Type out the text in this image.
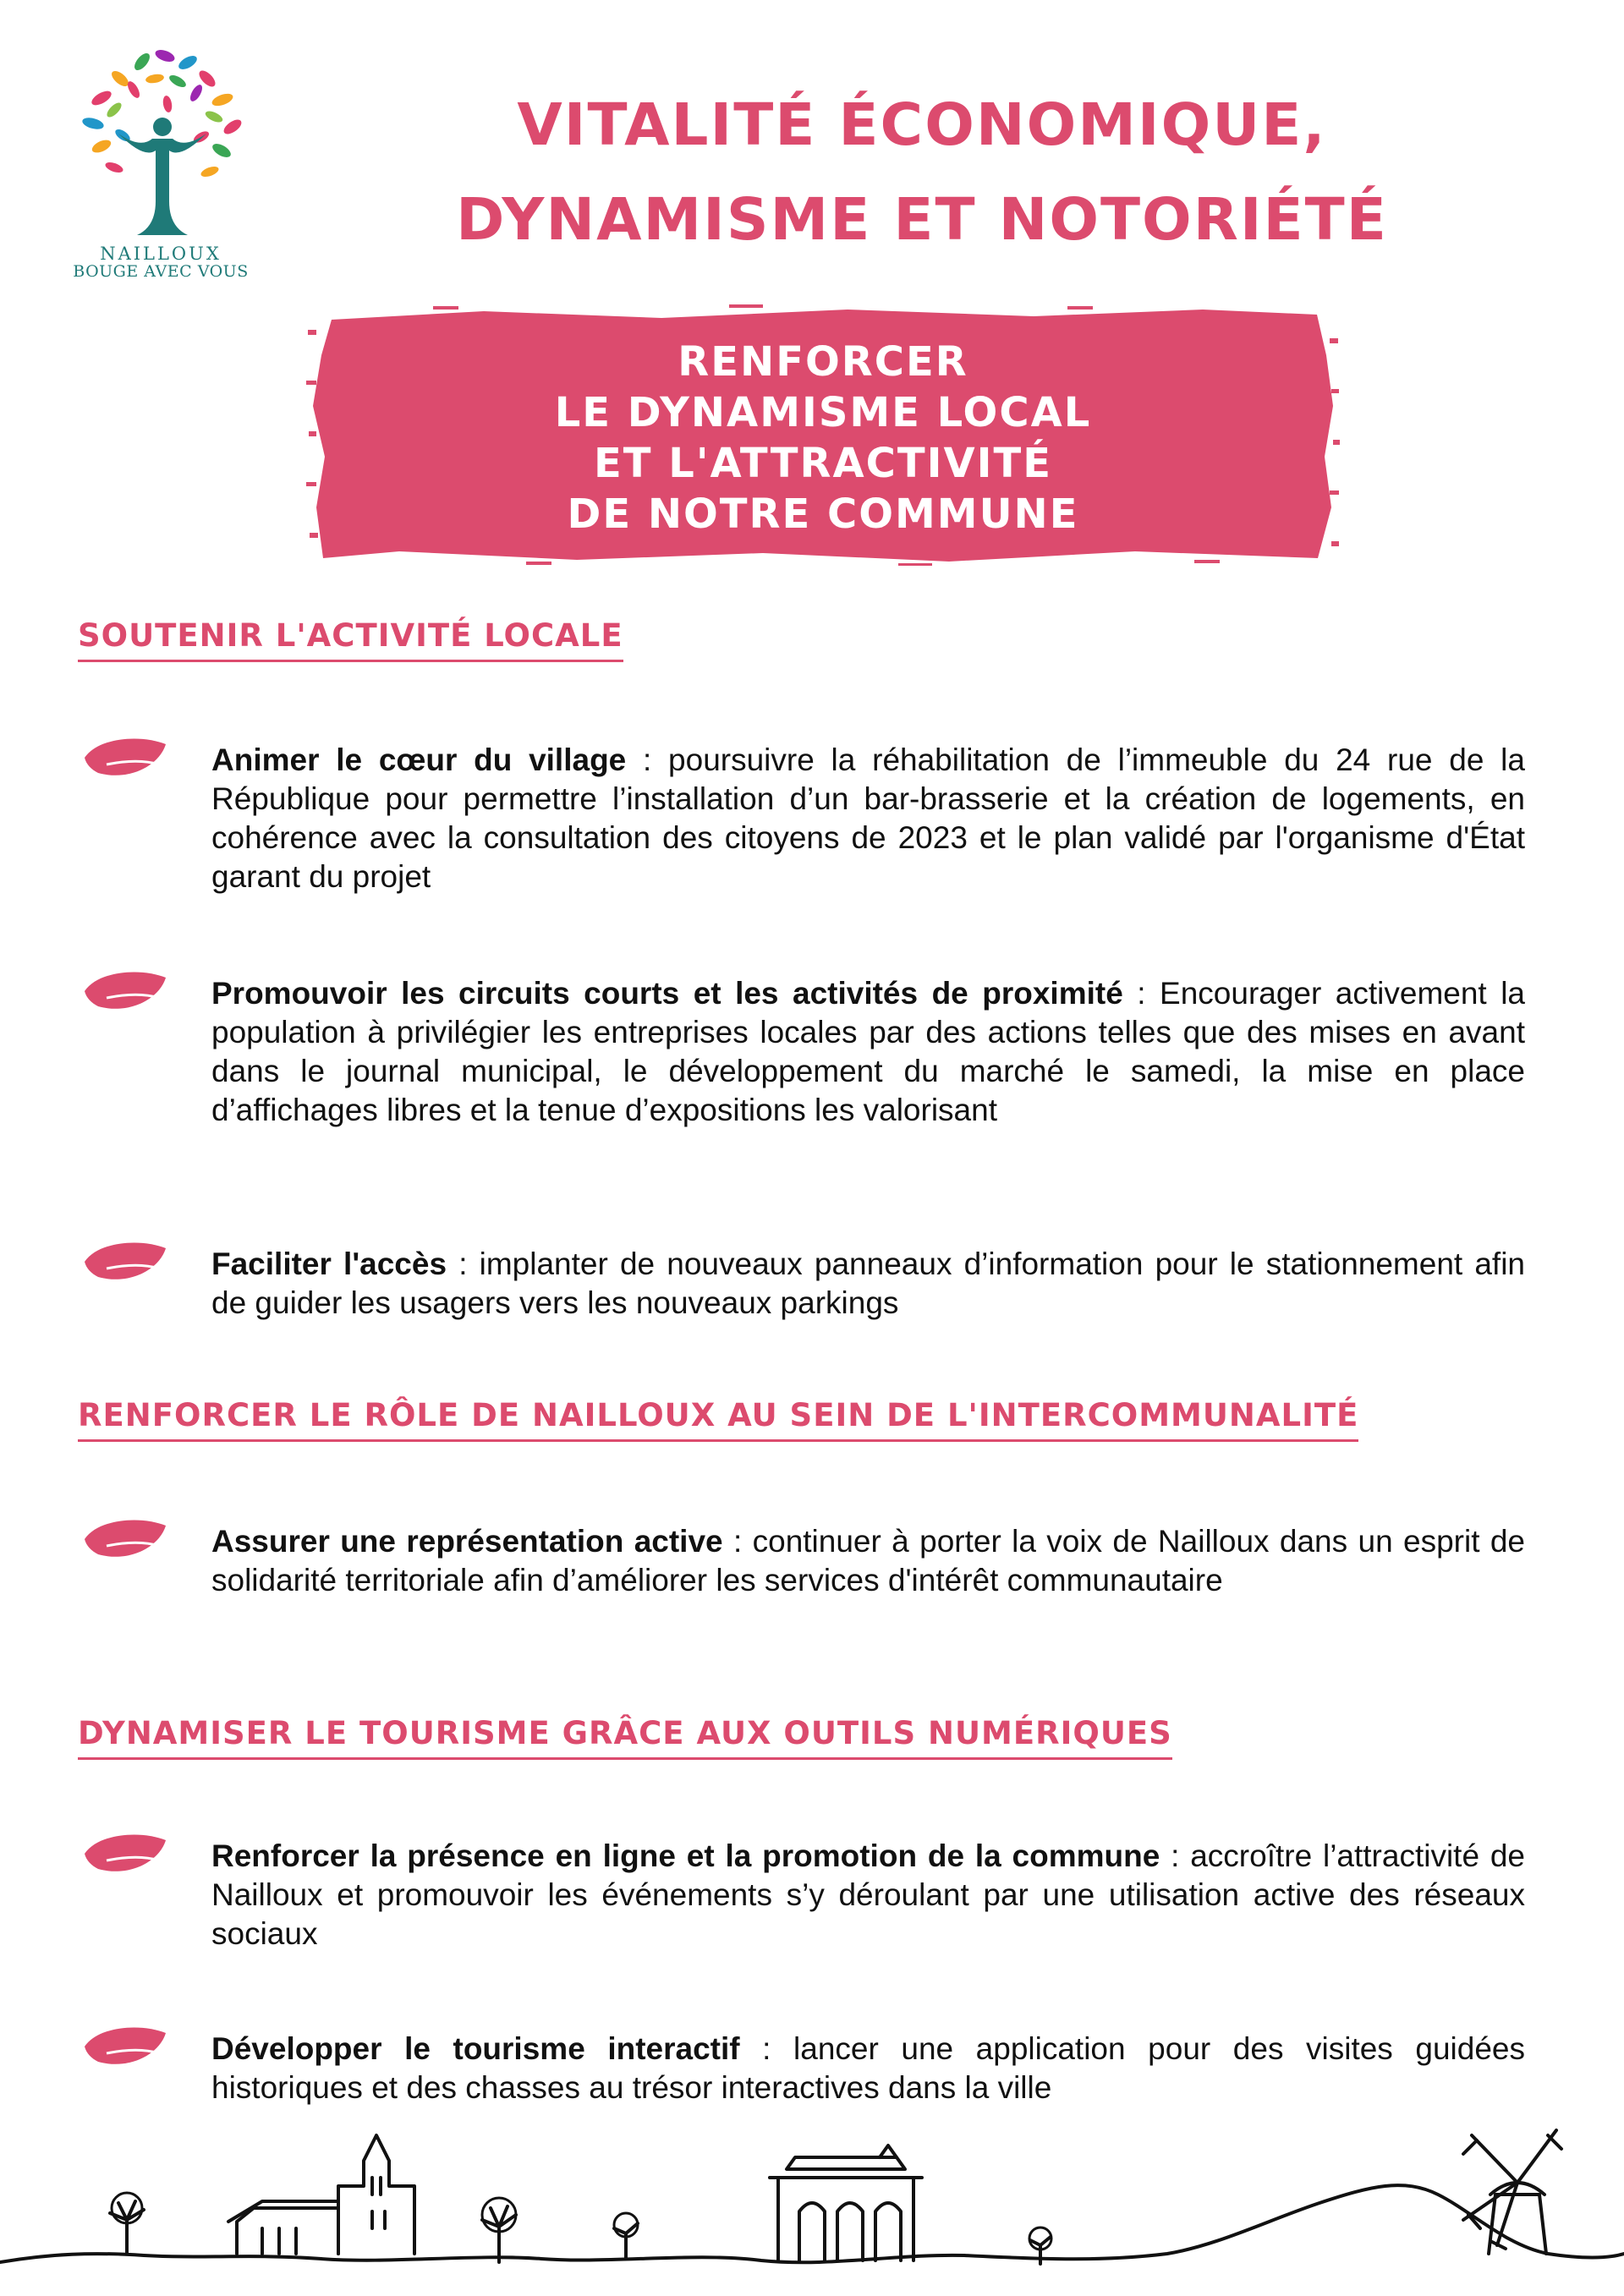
NAILLOUX
BOUGE AVEC VOUS
VITALITÉ ÉCONOMIQUE,
DYNAMISME ET NOTORIÉTÉ
RENFORCER
LE DYNAMISME LOCAL
ET L'ATTRACTIVITÉ
DE NOTRE COMMUNE
SOUTENIR L'ACTIVITÉ LOCALE

Animer le cœur du village : poursuivre la réhabilitation de l’immeuble du 24 rue de la République pour permettre l’installation d’un bar-brasserie et la création de logements, en cohérence avec la consultation des citoyens de 2023 et le plan validé par l'organisme d'État garant du projet

Promouvoir les circuits courts et les activités de proximité : Encourager activement la population à privilégier les entreprises locales par des actions telles que des mises en avant dans le journal municipal, le développement du marché le samedi, la mise en place d’affichages libres et la tenue d’expositions les valorisant

Faciliter l'accès : implanter de nouveaux panneaux d’information pour le stationnement afin de guider les usagers vers les nouveaux parkings

RENFORCER LE RÔLE DE NAILLOUX AU SEIN DE L'INTERCOMMUNALITÉ

Assurer une représentation active : continuer à porter la voix de Nailloux dans un esprit de solidarité territoriale afin d’améliorer les services d'intérêt communautaire

DYNAMISER LE TOURISME GRÂCE AUX OUTILS NUMÉRIQUES

Renforcer la présence en ligne et la promotion de la commune : accroître l’attractivité de Nailloux et promouvoir les événements s’y déroulant par une utilisation active des réseaux sociaux

Développer le tourisme interactif : lancer une application pour des visites guidées historiques et des chasses au trésor interactives dans la ville
